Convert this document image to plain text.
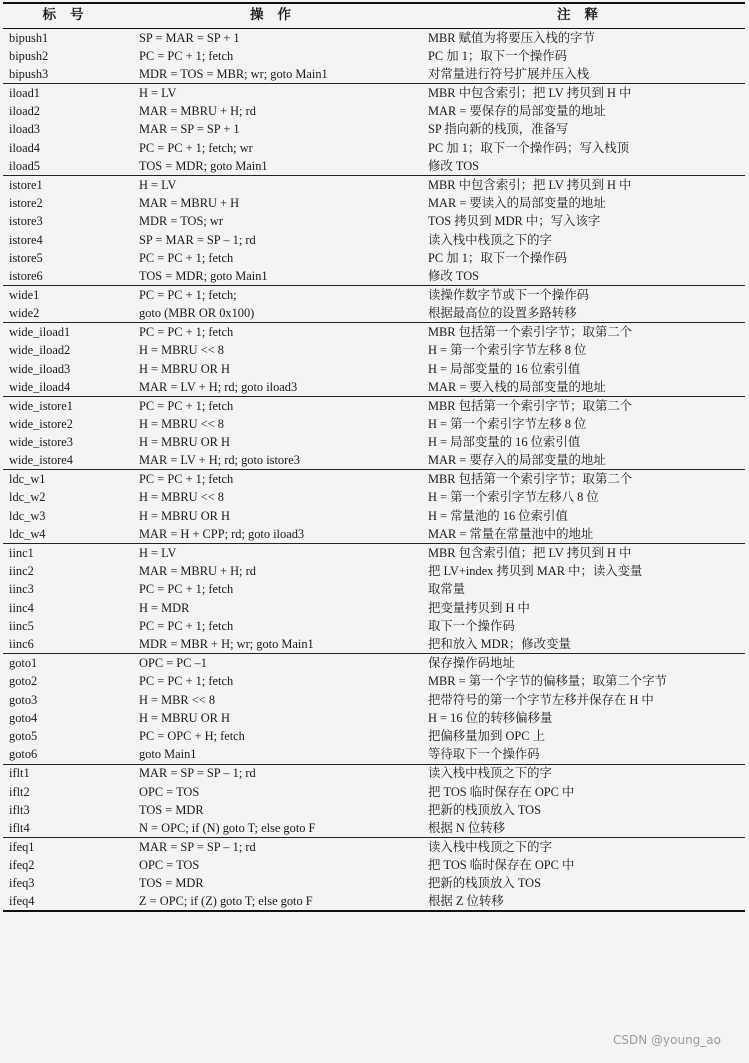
标号	操作	注释
bipush1	SP = MAR = SP + 1	MBR 赋值为将要压入栈的字节
bipush2	PC = PC + 1; fetch	PC 加 1；取下一个操作码
bipush3	MDR = TOS = MBR; wr; goto Main1	对常量进行符号扩展并压入栈
iload1	H = LV	MBR 中包含索引；把 LV 拷贝到 H 中
iload2	MAR = MBRU + H; rd	MAR = 要保存的局部变量的地址
iload3	MAR = SP = SP + 1	SP 指向新的栈顶，准备写
iload4	PC = PC + 1; fetch; wr	PC 加 1；取下一个操作码；写入栈顶
iload5	TOS = MDR; goto Main1	修改 TOS
istore1	H = LV	MBR 中包含索引；把 LV 拷贝到 H 中
istore2	MAR = MBRU + H	MAR = 要读入的局部变量的地址
istore3	MDR = TOS; wr	TOS 拷贝到 MDR 中；写入该字
istore4	SP = MAR = SP – 1; rd	读入栈中栈顶之下的字
istore5	PC = PC + 1; fetch	PC 加 1；取下一个操作码
istore6	TOS = MDR; goto Main1	修改 TOS
wide1	PC = PC + 1; fetch;	读操作数字节或下一个操作码
wide2	goto (MBR OR 0x100)	根据最高位的设置多路转移
wide_iload1	PC = PC + 1; fetch	MBR 包括第一个索引字节；取第二个
wide_iload2	H = MBRU << 8	H = 第一个索引字节左移 8 位
wide_iload3	H = MBRU OR H	H = 局部变量的 16 位索引值
wide_iload4	MAR = LV + H; rd; goto iload3	MAR = 要入栈的局部变量的地址
wide_istore1	PC = PC + 1; fetch	MBR 包括第一个索引字节；取第二个
wide_istore2	H = MBRU << 8	H = 第一个索引字节左移 8 位
wide_istore3	H = MBRU OR H	H = 局部变量的 16 位索引值
wide_istore4	MAR = LV + H; rd; goto istore3	MAR = 要存入的局部变量的地址
ldc_w1	PC = PC + 1; fetch	MBR 包括第一个索引字节；取第二个
ldc_w2	H = MBRU << 8	H = 第一个索引字节左移八 8 位
ldc_w3	H = MBRU OR H	H = 常量池的 16 位索引值
ldc_w4	MAR = H + CPP; rd; goto iload3	MAR = 常量在常量池中的地址
iinc1	H = LV	MBR 包含索引值；把 LV 拷贝到 H 中
iinc2	MAR = MBRU + H; rd	把 LV+index 拷贝到 MAR 中；读入变量
iinc3	PC = PC + 1; fetch	取常量
iinc4	H = MDR	把变量拷贝到 H 中
iinc5	PC = PC + 1; fetch	取下一个操作码
iinc6	MDR = MBR + H; wr; goto Main1	把和放入 MDR；修改变量
goto1	OPC = PC –1	保存操作码地址
goto2	PC = PC + 1; fetch	MBR = 第一个字节的偏移量；取第二个字节
goto3	H = MBR << 8	把带符号的第一个字节左移并保存在 H 中
goto4	H = MBRU OR H	H = 16 位的转移偏移量
goto5	PC = OPC + H; fetch	把偏移量加到 OPC 上
goto6	goto Main1	等待取下一个操作码
iflt1	MAR = SP = SP – 1; rd	读入栈中栈顶之下的字
iflt2	OPC = TOS	把 TOS 临时保存在 OPC 中
iflt3	TOS = MDR	把新的栈顶放入 TOS
iflt4	N = OPC; if (N) goto T; else goto F	根据 N 位转移
ifeq1	MAR = SP = SP – 1; rd	读入栈中栈顶之下的字
ifeq2	OPC = TOS	把 TOS 临时保存在 OPC 中
ifeq3	TOS = MDR	把新的栈顶放入 TOS
ifeq4	Z = OPC; if (Z) goto T; else goto F	根据 Z 位转移
CSDN @young_ao
